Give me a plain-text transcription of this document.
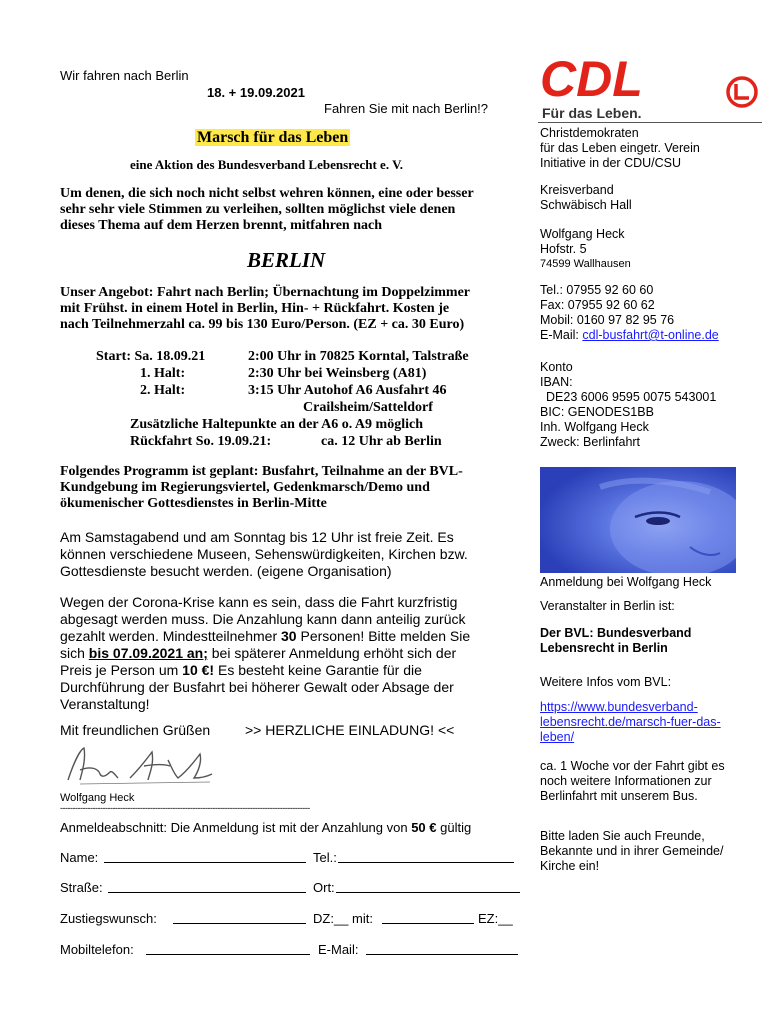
Wir fahren nach Berlin
18. + 19.09.2021
Fahren Sie mit nach Berlin!?
Marsch für das Leben
eine Aktion des Bundesverband Lebensrecht e. V.
Um denen, die sich noch nicht selbst wehren können, eine oder besser
sehr sehr viele Stimmen zu verleihen, sollten möglichst viele denen
dieses Thema auf dem Herzen brennt, mitfahren nach
BERLIN
Unser Angebot: Fahrt nach Berlin; Übernachtung im Doppelzimmer
mit Frühst. in einem Hotel in Berlin, Hin- + Rückfahrt. Kosten je
nach Teilnehmerzahl ca. 99 bis 130 Euro/Person. (EZ + ca. 30 Euro)
Start: Sa. 18.09.21	2:00 Uhr in 70825 Korntal, Talstraße
1. Halt:	2:30 Uhr bei Weinsberg (A81)
2. Halt:	3:15 Uhr Autohof A6 Ausfahrt 46
Crailsheim/Satteldorf
Zusätzliche Haltepunkte an der A6 o. A9 möglich
Rückfahrt So. 19.09.21:	ca. 12 Uhr ab Berlin
Folgendes Programm ist geplant: Busfahrt, Teilnahme an der BVL-
Kundgebung im Regierungsviertel, Gedenkmarsch/Demo und
ökumenischer Gottesdienstes in Berlin-Mitte
Am Samstagabend und am Sonntag bis 12 Uhr ist freie Zeit. Es
können verschiedene Museen, Sehenswürdigkeiten, Kirchen bzw.
Gottesdienste besucht werden. (eigene Organisation)
Wegen der Corona-Krise kann es sein, dass die Fahrt kurzfristig
abgesagt werden muss. Die Anzahlung kann dann anteilig zurück
gezahlt werden. Mindestteilnehmer 30 Personen! Bitte melden Sie
sich bis 07.09.2021 an; bei späterer Anmeldung erhöht sich der
Preis je Person um 10 €! Es besteht keine Garantie für die
Durchführung der Busfahrt bei höherer Gewalt oder Absage der
Veranstaltung!
Mit freundlichen Grüßen >> HERZLICHE EINLADUNG! <<
Wolfgang Heck
----------------------------------------------------------------------------------------------------
Anmeldeabschnitt: Die Anmeldung ist mit der Anzahlung von 50 € gültig
Name:	Tel.:
Straße:	Ort:
Zustiegswunsch:	DZ:__ mit:	EZ:__
Mobiltelefon:	E-Mail:
CDL
Für das Leben.
Christdemokraten
für das Leben eingetr. Verein
Initiative in der CDU/CSU
Kreisverband
Schwäbisch Hall
Wolfgang Heck
Hofstr. 5
74599 Wallhausen
Tel.: 07955 92 60 60
Fax: 07955 92 60 62
Mobil: 0160 97 82 95 76
E-Mail: cdl-busfahrt@t-online.de
Konto
IBAN:
DE23 6006 9595 0075 543001
BIC: GENODES1BB
Inh. Wolfgang Heck
Zweck: Berlinfahrt
Anmeldung bei Wolfgang Heck
Veranstalter in Berlin ist:
Der BVL: Bundesverband
Lebensrecht in Berlin
Weitere Infos vom BVL:
https://www.bundesverband-
lebensrecht.de/marsch-fuer-das-
leben/
ca. 1 Woche vor der Fahrt gibt es
noch weitere Informationen zur
Berlinfahrt mit unserem Bus.
Bitte laden Sie auch Freunde,
Bekannte und in ihrer Gemeinde/
Kirche ein!
